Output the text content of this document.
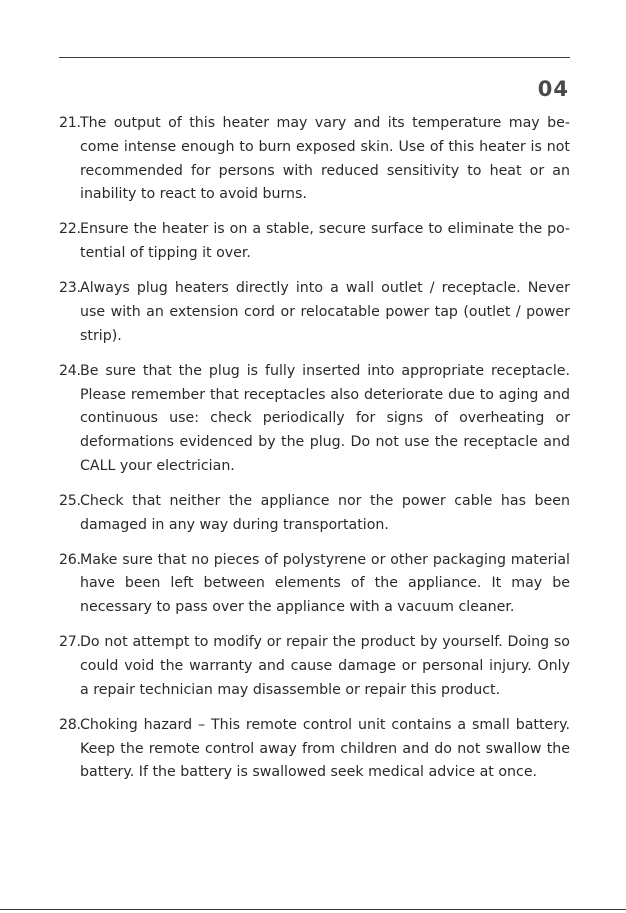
04
21. The output of this heater may vary and its temperature may become intense enough to burn exposed skin. Use of this heater is not recommended for persons with reduced sensitivity to heat or an inability to react to avoid burns.
22. Ensure the heater is on a stable, secure surface to eliminate the potential of tipping it over.
23. Always plug heaters directly into a wall outlet / receptacle. Never use with an extension cord or relocatable power tap (outlet / power strip).
24. Be sure that the plug is fully inserted into appropriate receptacle. Please remember that receptacles also deteriorate due to aging and continuous use: check periodically for signs of overheating or deformations evidenced by the plug. Do not use the receptacle and CALL your electrician.
25. Check that neither the appliance nor the power cable has been damaged in any way during transportation.
26. Make sure that no pieces of polystyrene or other packaging material have been left between elements of the appliance. It may be necessary to pass over the appliance with a vacuum cleaner.
27. Do not attempt to modify or repair the product by yourself. Doing so could void the warranty and cause damage or personal injury. Only a repair technician may disassemble or repair this product.
28. Choking hazard – This remote control unit contains a small battery. Keep the remote control away from children and do not swallow the battery. If the battery is swallowed seek medical advice at once.
